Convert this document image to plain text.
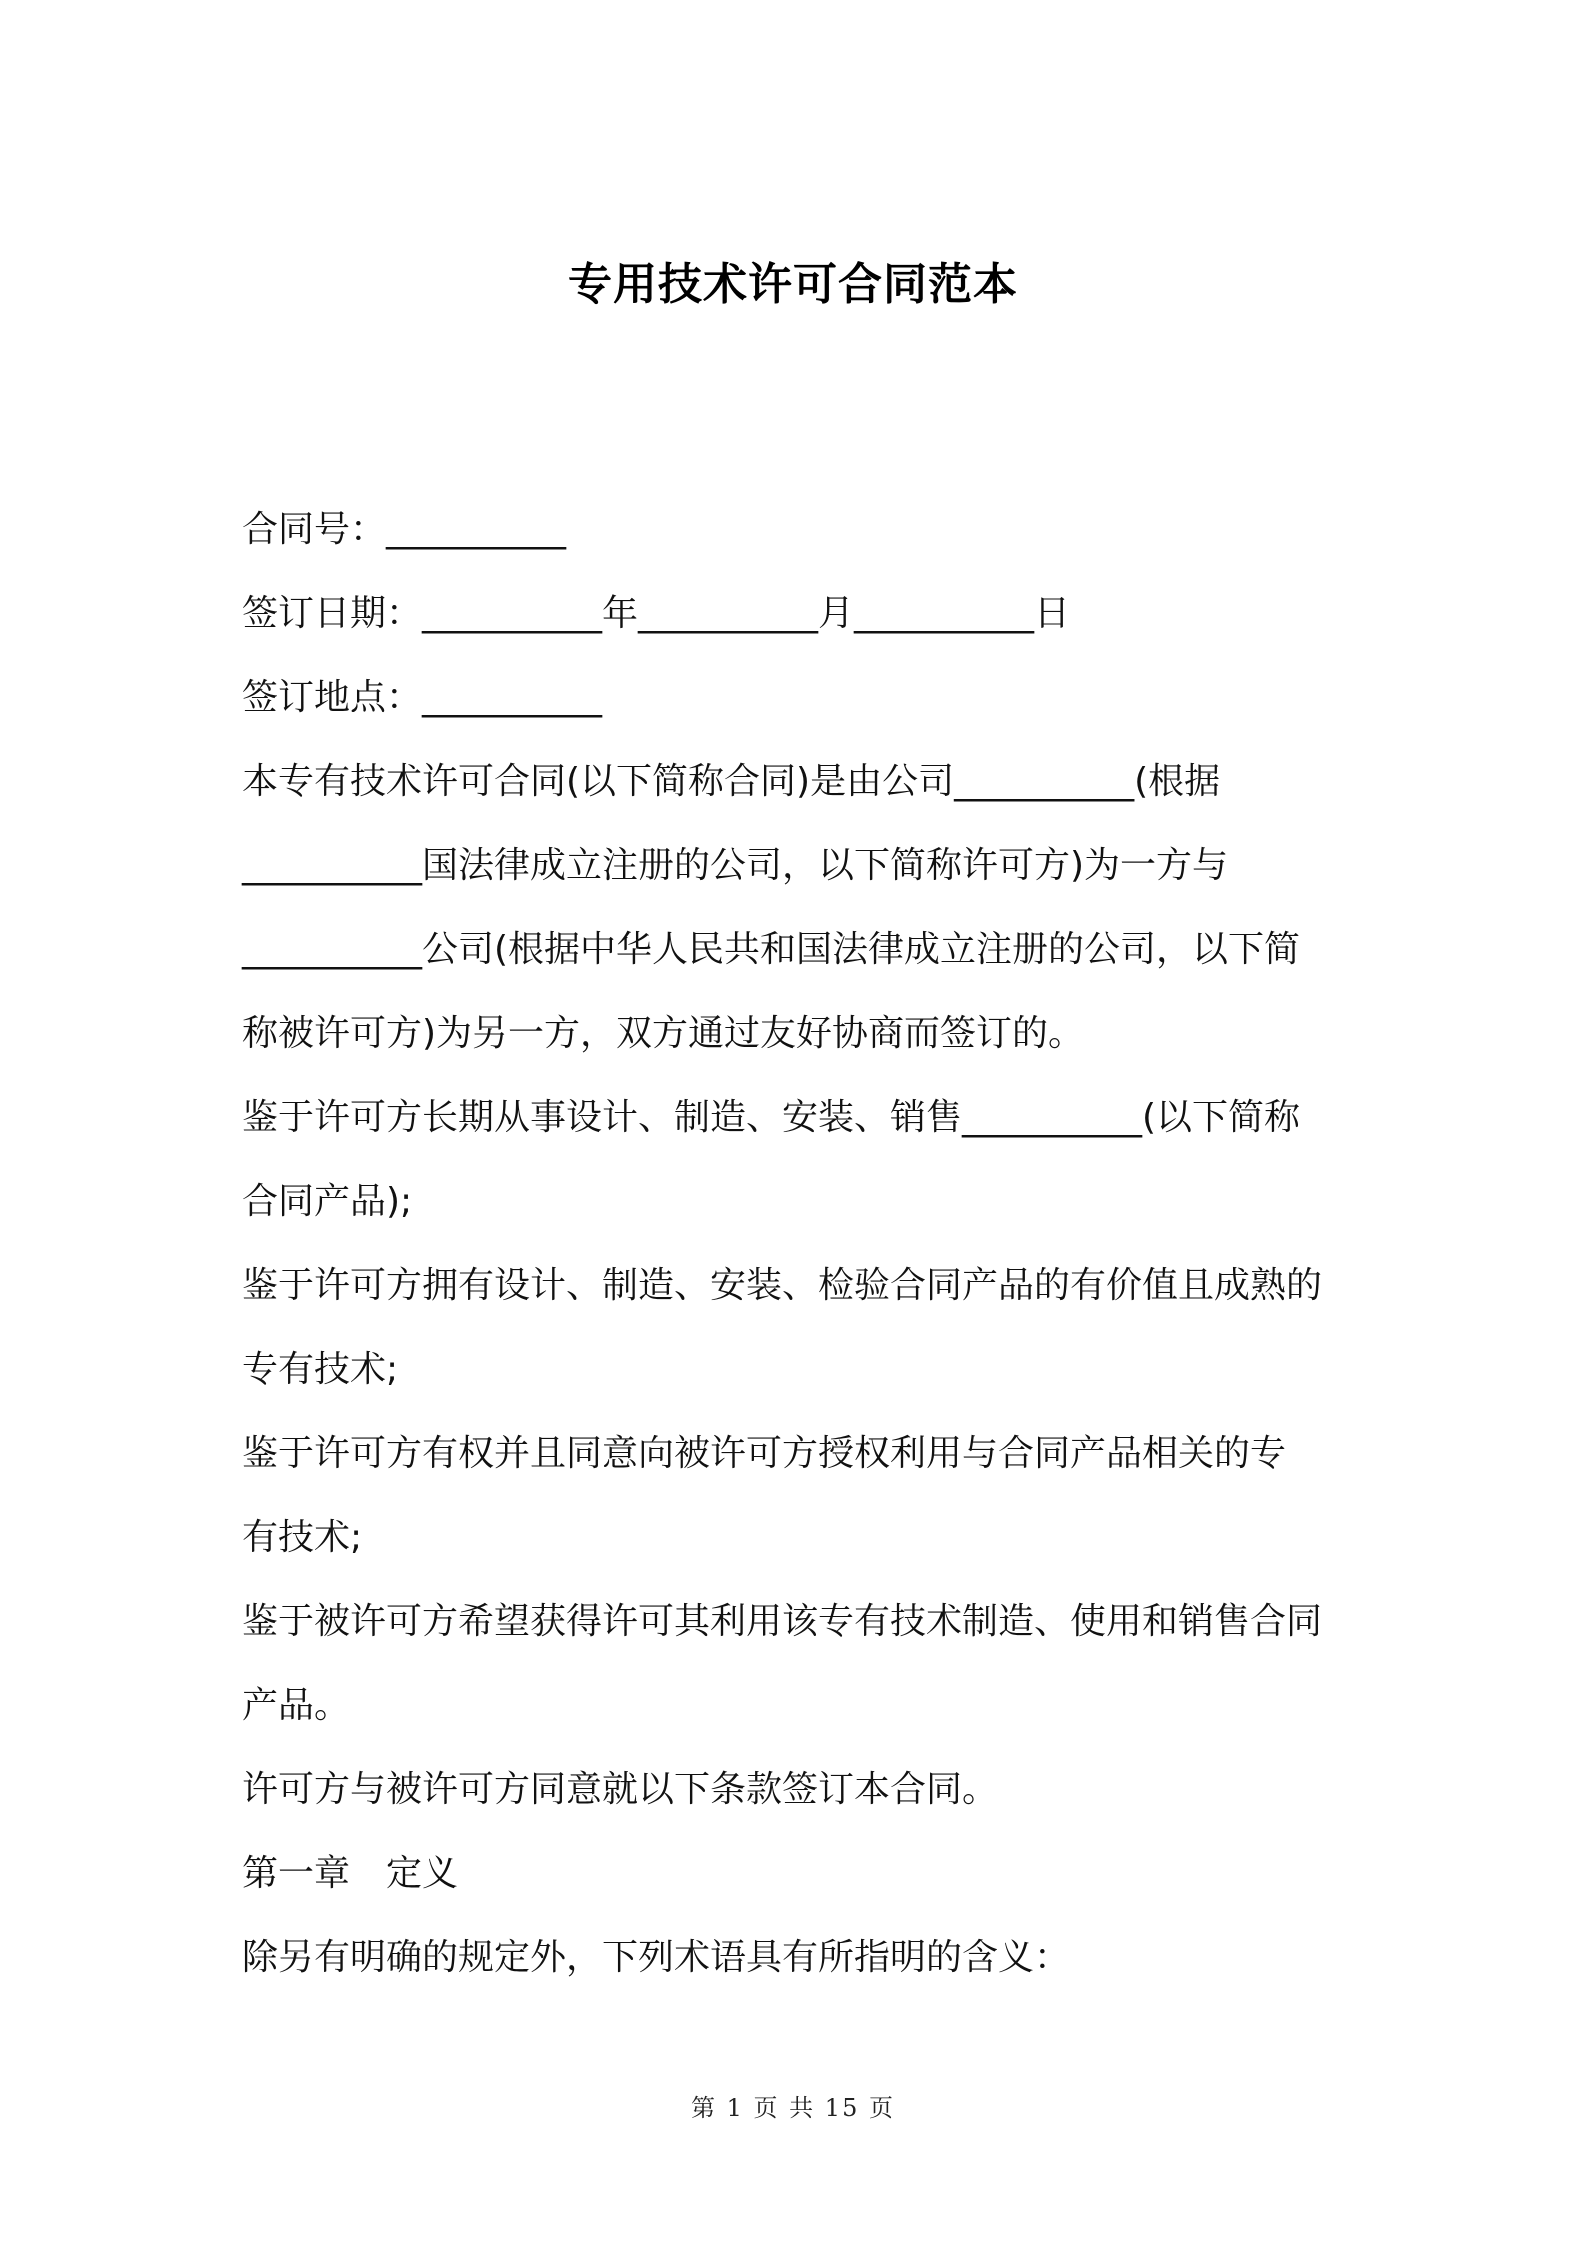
专用技术许可合同范本
合同号：__________
签订日期：__________年__________月__________日
签订地点：__________
本专有技术许可合同(以下简称合同)是由公司__________(根据
__________国法律成立注册的公司，以下简称许可方)为一方与
__________公司(根据中华人民共和国法律成立注册的公司，以下简
称被许可方)为另一方，双方通过友好协商而签订的。
鉴于许可方长期从事设计、制造、安装、销售__________(以下简称
合同产品);
鉴于许可方拥有设计、制造、安装、检验合同产品的有价值且成熟的
专有技术;
鉴于许可方有权并且同意向被许可方授权利用与合同产品相关的专
有技术;
鉴于被许可方希望获得许可其利用该专有技术制造、使用和销售合同
产品。
许可方与被许可方同意就以下条款签订本合同。
第一章　定义
除另有明确的规定外，下列术语具有所指明的含义：
第 1 页 共 15 页
